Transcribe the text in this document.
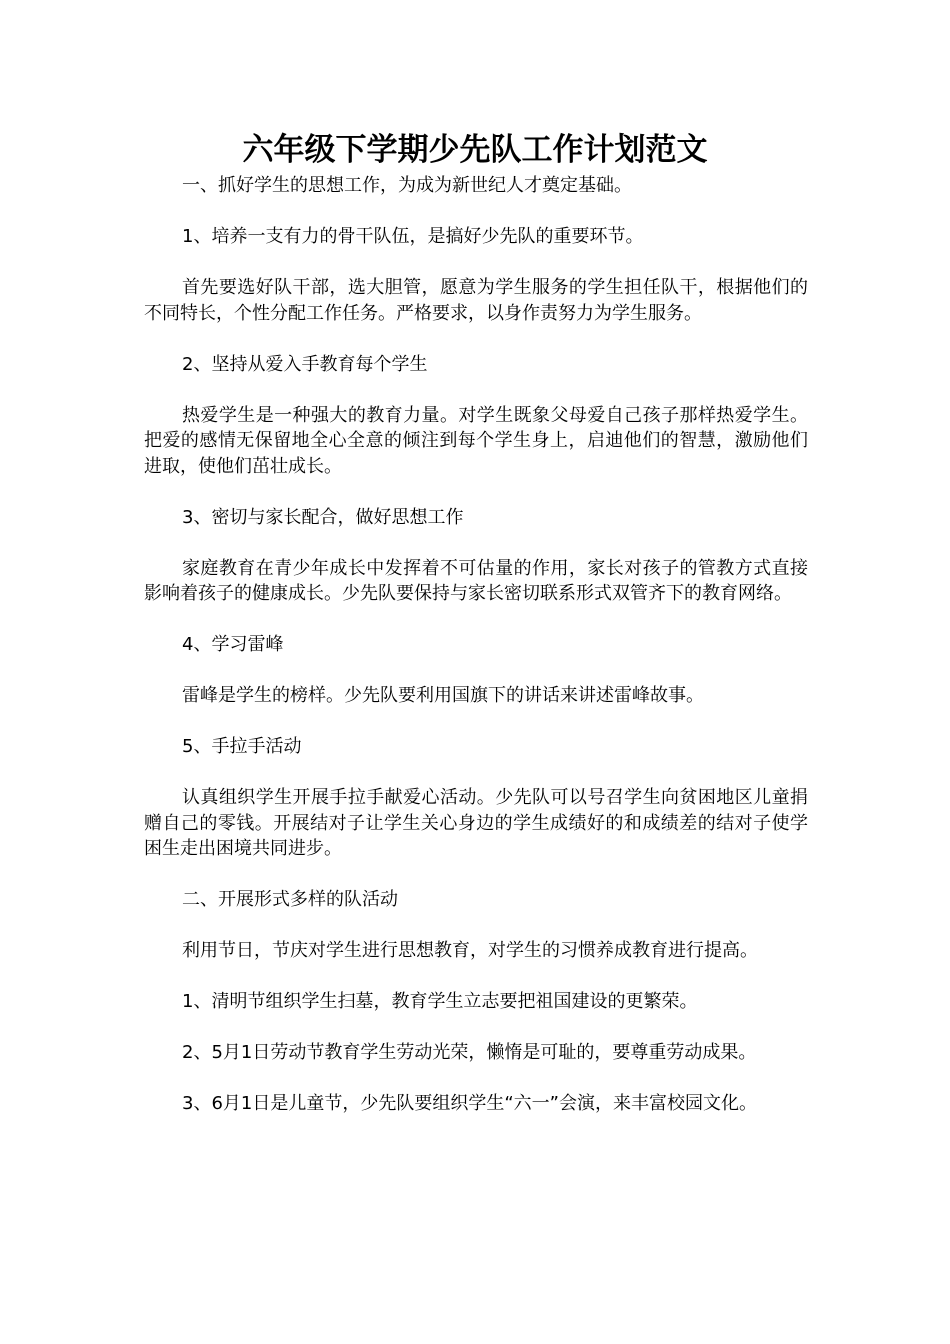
六年级下学期少先队工作计划范文

一、抓好学生的思想工作，为成为新世纪人才奠定基础。

1、培养一支有力的骨干队伍，是搞好少先队的重要环节。

首先要选好队干部，选大胆管，愿意为学生服务的学生担任队干，根据他们的不同特长，个性分配工作任务。严格要求，以身作责努力为学生服务。

2、坚持从爱入手教育每个学生

热爱学生是一种强大的教育力量。对学生既象父母爱自己孩子那样热爱学生。把爱的感情无保留地全心全意的倾注到每个学生身上，启迪他们的智慧，激励他们进取，使他们茁壮成长。

3、密切与家长配合，做好思想工作

家庭教育在青少年成长中发挥着不可估量的作用，家长对孩子的管教方式直接影响着孩子的健康成长。少先队要保持与家长密切联系形式双管齐下的教育网络。

4、学习雷峰

雷峰是学生的榜样。少先队要利用国旗下的讲话来讲述雷峰故事。

5、手拉手活动

认真组织学生开展手拉手献爱心活动。少先队可以号召学生向贫困地区儿童捐赠自己的零钱。开展结对子让学生关心身边的学生成绩好的和成绩差的结对子使学困生走出困境共同进步。

二、开展形式多样的队活动

利用节日，节庆对学生进行思想教育，对学生的习惯养成教育进行提高。

1、清明节组织学生扫墓，教育学生立志要把祖国建设的更繁荣。

2、5月1日劳动节教育学生劳动光荣，懒惰是可耻的，要尊重劳动成果。

3、6月1日是儿童节，少先队要组织学生“六一”会演，来丰富校园文化。
